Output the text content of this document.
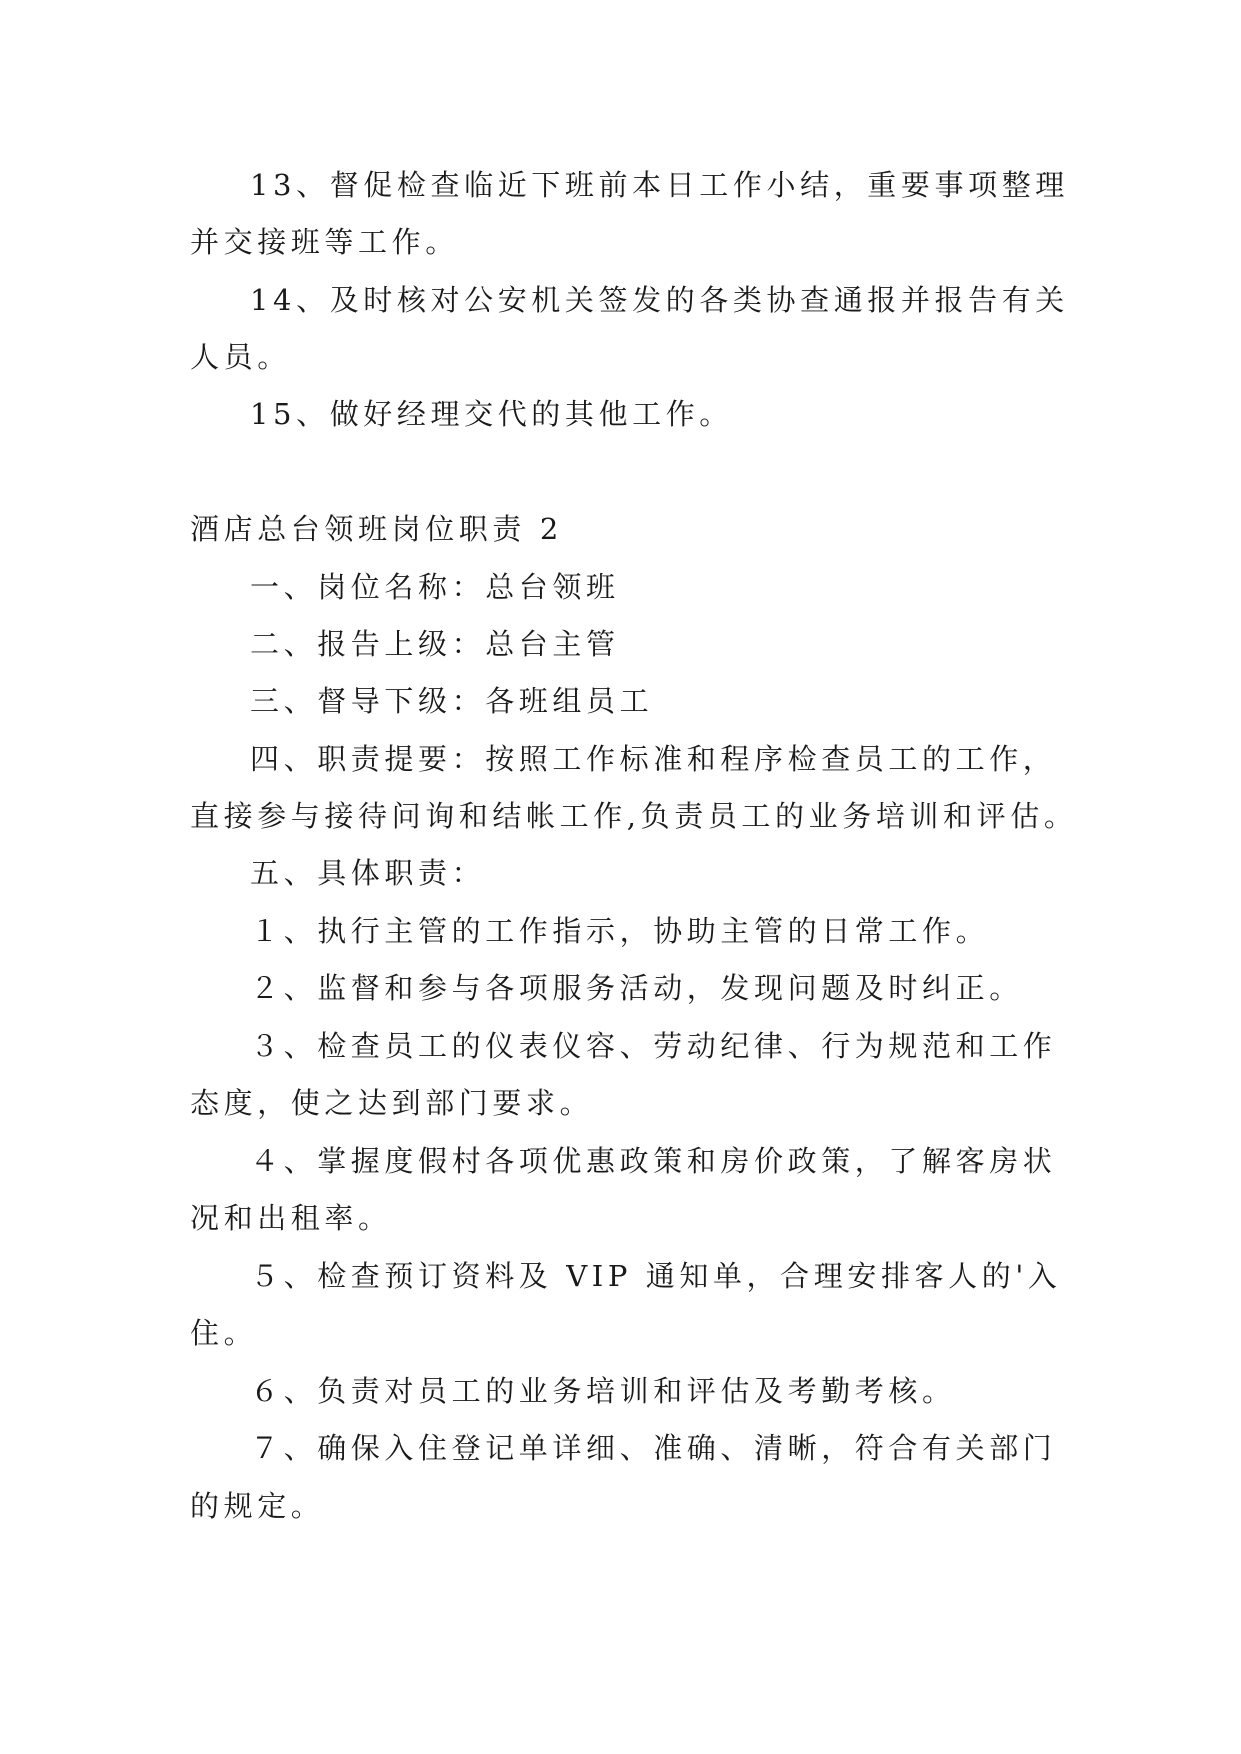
13、督促检查临近下班前本日工作小结，重要事项整理
并交接班等工作。
14、及时核对公安机关签发的各类协查通报并报告有关
人员。
15、做好经理交代的其他工作。
酒店总台领班岗位职责 2
一、岗位名称：总台领班
二、报告上级：总台主管
三、督导下级：各班组员工
四、职责提要：按照工作标准和程序检查员工的工作，
直接参与接待问询和结帐工作,负责员工的业务培训和评估。
五、具体职责：
１、执行主管的工作指示，协助主管的日常工作。
２、监督和参与各项服务活动，发现问题及时纠正。
３、检查员工的仪表仪容、劳动纪律、行为规范和工作
态度，使之达到部门要求。
４、掌握度假村各项优惠政策和房价政策，了解客房状
况和出租率。
５、检查预订资料及 VIP 通知单，合理安排客人的'入
住。
６、负责对员工的业务培训和评估及考勤考核。
７、确保入住登记单详细、准确、清晰，符合有关部门
的规定。
